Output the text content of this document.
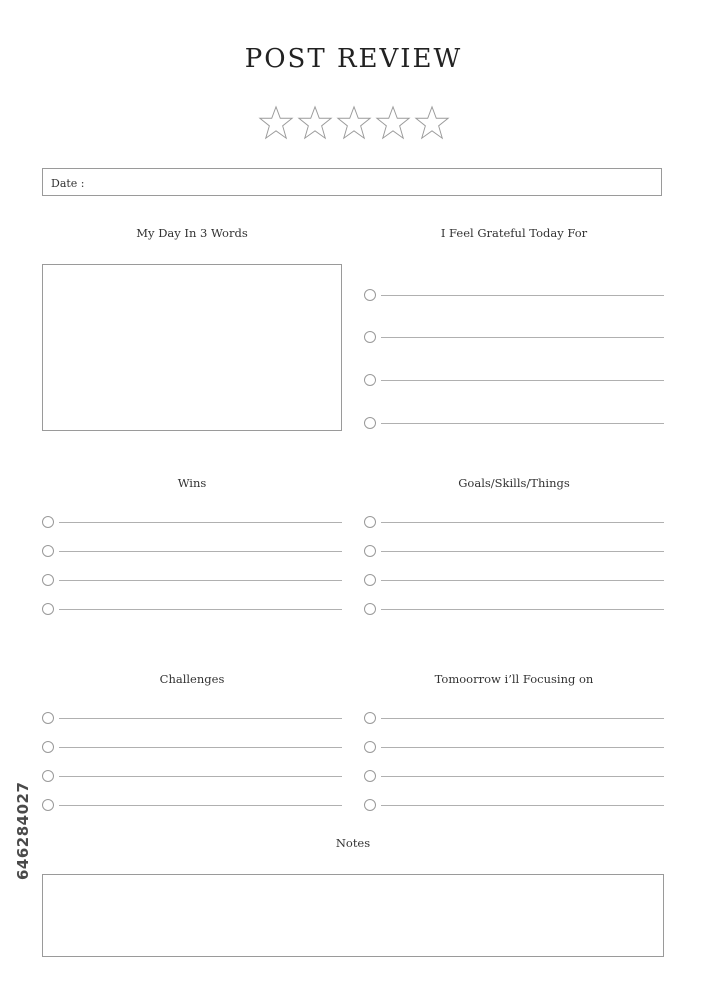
POST REVIEW
Date :
My Day In 3 Words	I Feel Grateful Today For
Wins	Goals/Skills/Things
Challenges	Tomoorrow i’ll Focusing on
Notes
646284027
